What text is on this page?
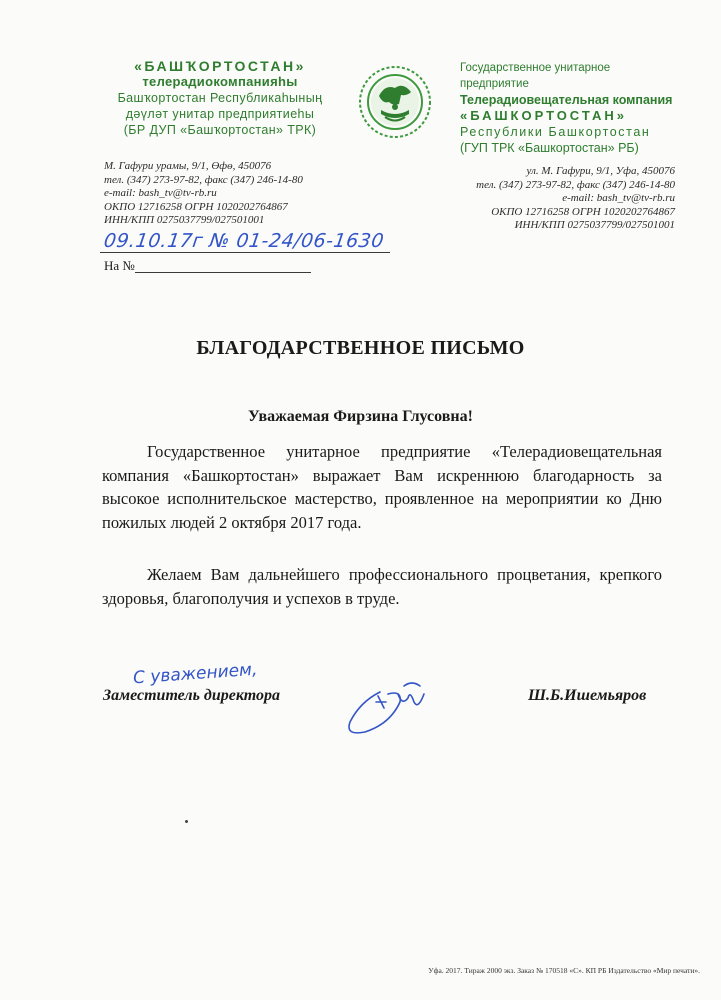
«БАШҠОРТОСТАН»
телерадиокомпанияһы
Башҡортостан Республикаһының
дәүләт унитар предприятиеһы
(БР ДУП «Башҡортостан» ТРК)
Государственное унитарное предприятие
Телерадиовещательная компания
«БАШКОРТОСТАН»
Республики Башкортостан
(ГУП ТРК «Башкортостан» РБ)
М. Гафури урамы, 9/1, Өфө, 450076
тел. (347) 273-97-82, факс (347) 246-14-80
e-mail: bash_tv@tv-rb.ru
ОКПО 12716258 ОГРН 1020202764867
ИНН/КПП 0275037799/027501001
ул. М. Гафури, 9/1, Уфа, 450076
тел. (347) 273-97-82, факс (347) 246-14-80
e-mail: bash_tv@tv-rb.ru
ОКПО 12716258 ОГРН 1020202764867
ИНН/КПП 0275037799/027501001
09.10.17г № 01-24/06-1630
На №
БЛАГОДАРСТВЕННОЕ ПИСЬМО
Уважаемая Фирзина Глусовна!
Государственное унитарное предприятие «Телерадиовещательная компания «Башкортостан» выражает Вам искреннюю благодарность за высокое исполнительское мастерство, проявленное на мероприятии ко Дню пожилых людей 2 октября 2017 года.
Желаем Вам дальнейшего профессионального процветания, крепкого здоровья, благополучия и успехов в труде.
С уважением,
Заместитель директора	Ш.Б.Ишемьяров
Уфа. 2017. Тираж 2000 экз. Заказ № 170518 «С». КП РБ Издательство «Мир печати».
